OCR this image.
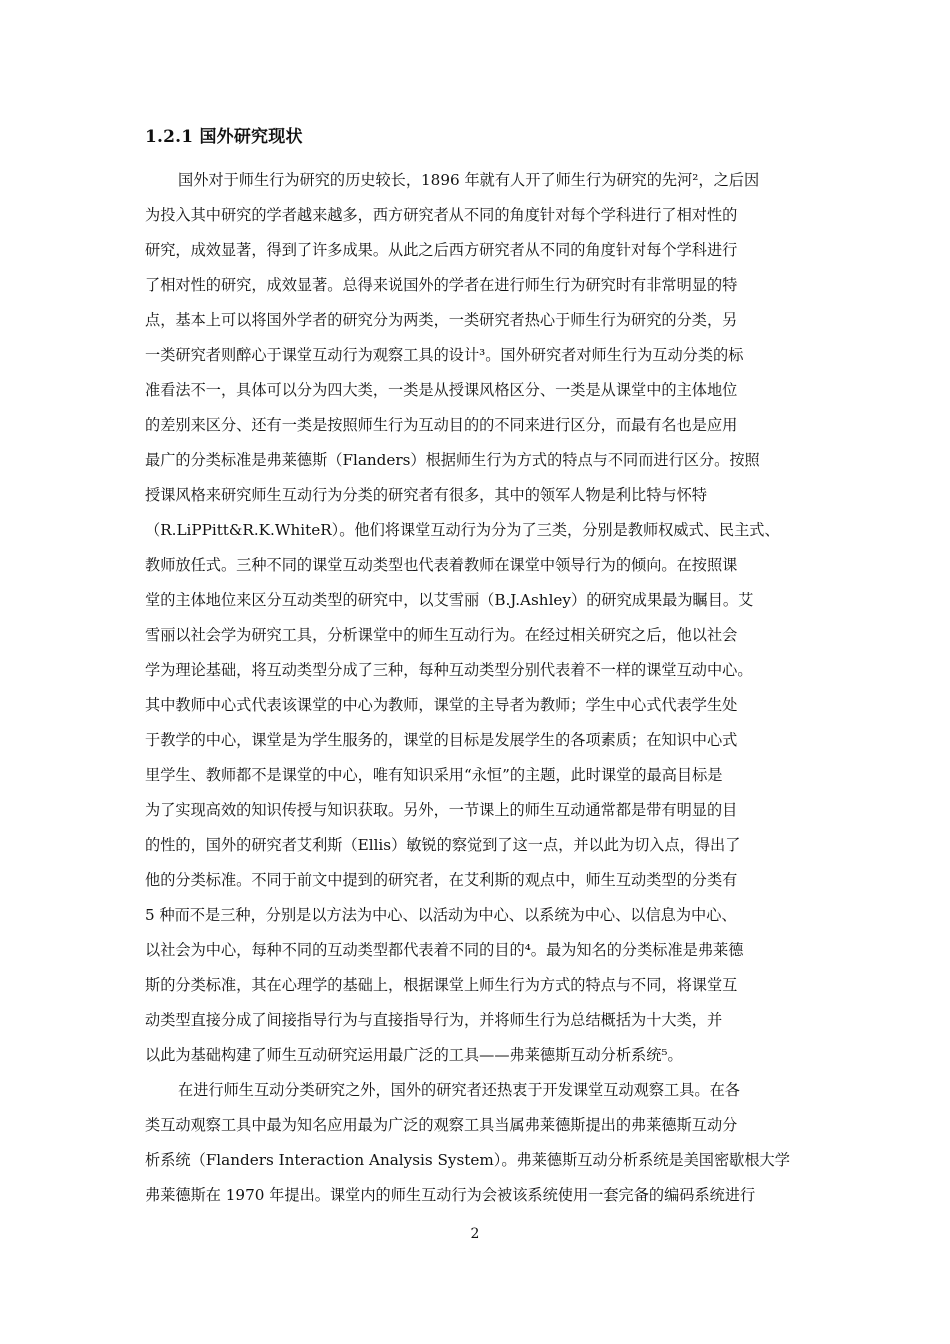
1.2.1 国外研究现状
国外对于师生行为研究的历史较长，1896 年就有人开了师生行为研究的先河²，之后因
为投入其中研究的学者越来越多，西方研究者从不同的角度针对每个学科进行了相对性的
研究，成效显著，得到了许多成果。从此之后西方研究者从不同的角度针对每个学科进行
了相对性的研究，成效显著。总得来说国外的学者在进行师生行为研究时有非常明显的特
点，基本上可以将国外学者的研究分为两类，一类研究者热心于师生行为研究的分类，另
一类研究者则醉心于课堂互动行为观察工具的设计³。国外研究者对师生行为互动分类的标
准看法不一，具体可以分为四大类，一类是从授课风格区分、一类是从课堂中的主体地位
的差别来区分、还有一类是按照师生行为互动目的的不同来进行区分，而最有名也是应用
最广的分类标准是弗莱德斯（Flanders）根据师生行为方式的特点与不同而进行区分。按照
授课风格来研究师生互动行为分类的研究者有很多，其中的领军人物是利比特与怀特
（R.LiPPitt&R.K.WhiteR）。他们将课堂互动行为分为了三类，分别是教师权威式、民主式、
教师放任式。三种不同的课堂互动类型也代表着教师在课堂中领导行为的倾向。在按照课
堂的主体地位来区分互动类型的研究中，以艾雪丽（B.J.Ashley）的研究成果最为瞩目。艾
雪丽以社会学为研究工具，分析课堂中的师生互动行为。在经过相关研究之后，他以社会
学为理论基础，将互动类型分成了三种，每种互动类型分别代表着不一样的课堂互动中心。
其中教师中心式代表该课堂的中心为教师，课堂的主导者为教师；学生中心式代表学生处
于教学的中心，课堂是为学生服务的，课堂的目标是发展学生的各项素质；在知识中心式
里学生、教师都不是课堂的中心，唯有知识采用“永恒”的主题，此时课堂的最高目标是
为了实现高效的知识传授与知识获取。另外，一节课上的师生互动通常都是带有明显的目
的性的，国外的研究者艾利斯（Ellis）敏锐的察觉到了这一点，并以此为切入点，得出了
他的分类标准。不同于前文中提到的研究者，在艾利斯的观点中，师生互动类型的分类有
5 种而不是三种，分别是以方法为中心、以活动为中心、以系统为中心、以信息为中心、
以社会为中心，每种不同的互动类型都代表着不同的目的⁴。最为知名的分类标准是弗莱德
斯的分类标准，其在心理学的基础上，根据课堂上师生行为方式的特点与不同，将课堂互
动类型直接分成了间接指导行为与直接指导行为，并将师生行为总结概括为十大类，并
以此为基础构建了师生互动研究运用最广泛的工具——弗莱德斯互动分析系统⁵。
在进行师生互动分类研究之外，国外的研究者还热衷于开发课堂互动观察工具。在各
类互动观察工具中最为知名应用最为广泛的观察工具当属弗莱德斯提出的弗莱德斯互动分
析系统（Flanders Interaction Analysis System）。弗莱德斯互动分析系统是美国密歇根大学
弗莱德斯在 1970 年提出。课堂内的师生互动行为会被该系统使用一套完备的编码系统进行
2
